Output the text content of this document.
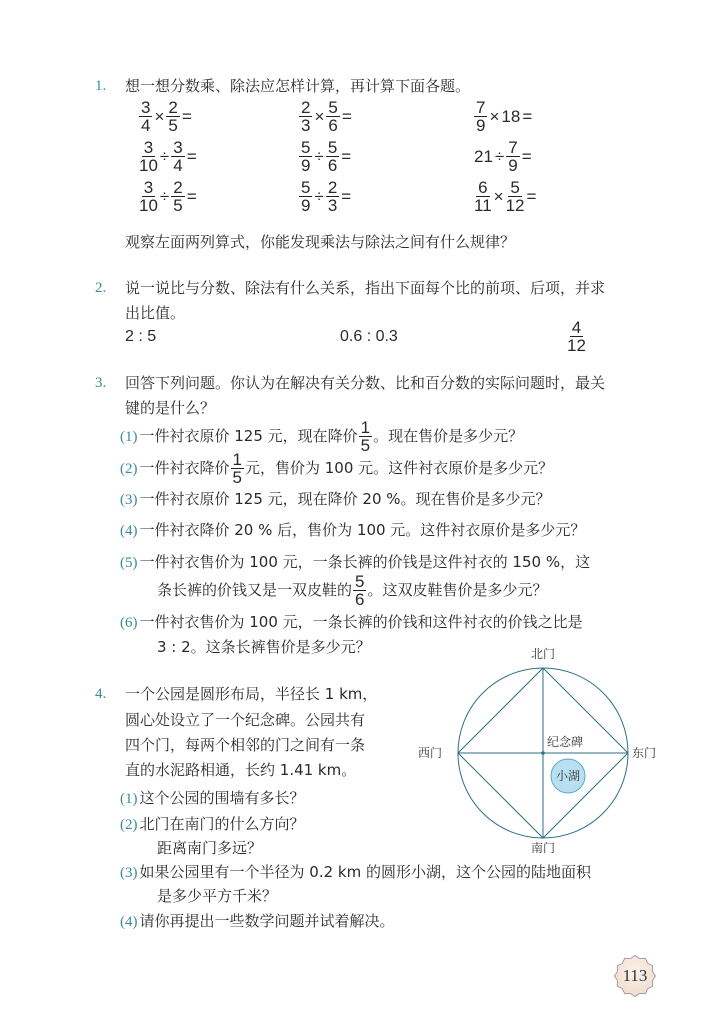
1. 想一想分数乘、除法应怎样计算，再计算下面各题。
$\frac{3}{4} \times \frac{2}{5}$ =	$\frac{2}{3} \times \frac{5}{6}$ =	$\frac{7}{9} \times 18$ =
$\frac{3}{10} \div \frac{3}{4}$ =	$\frac{5}{9} \div \frac{5}{6}$ =	$21 \div \frac{7}{9}$ =
$\frac{3}{10} \div \frac{2}{5}$ =	$\frac{5}{9} \div \frac{2}{3}$ =	$\frac{6}{11} \times \frac{5}{12}$ =
观察左面两列算式，你能发现乘法与除法之间有什么规律？
2. 说一说比与分数、除法有什么关系，指出下面每个比的前项、后项，并求
出比值。
2 : 5	0.6 : 0.3	$\frac{4}{12}$
3. 回答下列问题。你认为在解决有关分数、比和百分数的实际问题时，最关
键的是什么？
(1) 一件衬衣原价 125 元，现在降价 $\frac{1}{5}$ 。现在售价是多少元？
(2) 一件衬衣降价 $\frac{1}{5}$ 元，售价为 100 元。这件衬衣原价是多少元？
(3) 一件衬衣原价 125 元，现在降价 20 %。现在售价是多少元？
(4) 一件衬衣降价 20 % 后，售价为 100 元。这件衬衣原价是多少元？
(5) 一件衬衣售价为 100 元，一条长裤的价钱是这件衬衣的 150 %，这
条长裤的价钱又是一双皮鞋的 $\frac{5}{6}$ 。这双皮鞋售价是多少元？
(6) 一件衬衣售价为 100 元，一条长裤的价钱和这件衬衣的价钱之比是
3 : 2。这条长裤售价是多少元？
4. 一个公园是圆形布局，半径长 1 km，
圆心处设立了一个纪念碑。公园共有
四个门，每两个相邻的门之间有一条
直的水泥路相通，长约 1.41 km。
(1) 这个公园的围墙有多长？
(2) 北门在南门的什么方向？
距离南门多远？
(3) 如果公园里有一个半径为 0.2 km 的圆形小湖，这个公园的陆地面积
是多少平方千米？
(4) 请你再提出一些数学问题并试着解决。
北门
南门
东门
西门
纪念碑
小湖
113
